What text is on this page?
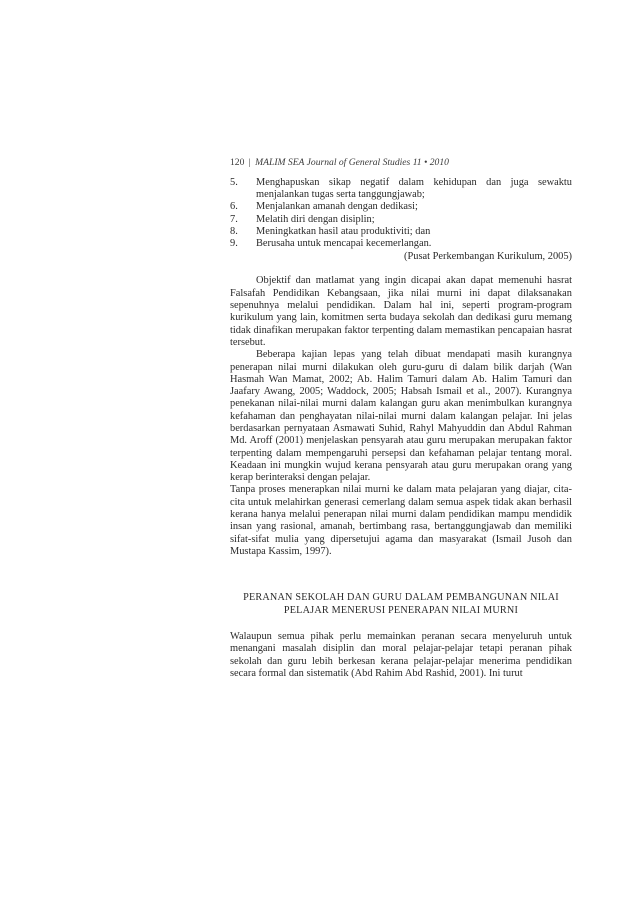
120 | MALIM SEA Journal of General Studies 11 • 2010
5.	Menghapuskan sikap negatif dalam kehidupan dan juga sewaktu menjalankan tugas serta tanggungjawab;
6.	Menjalankan amanah dengan dedikasi;
7.	Melatih diri dengan disiplin;
8.	Meningkatkan hasil atau produktiviti; dan
9.	Berusaha untuk mencapai kecemerlangan.
(Pusat Perkembangan Kurikulum, 2005)

Objektif dan matlamat yang ingin dicapai akan dapat memenuhi hasrat Falsafah Pendidikan Kebangsaan, jika nilai murni ini dapat dilaksanakan sepenuhnya melalui pendidikan. Dalam hal ini, seperti program-program kurikulum yang lain, komitmen serta budaya sekolah dan dedikasi guru memang tidak dinafikan merupakan faktor terpenting dalam memastikan pencapaian hasrat tersebut.

Beberapa kajian lepas yang telah dibuat mendapati masih kurangnya penerapan nilai murni dilakukan oleh guru-guru di dalam bilik darjah (Wan Hasmah Wan Mamat, 2002; Ab. Halim Tamuri dalam Ab. Halim Tamuri dan Jaafary Awang, 2005; Waddock, 2005; Habsah Ismail et al., 2007). Kurangnya penekanan nilai-nilai murni dalam kalangan guru akan menimbulkan kurangnya kefahaman dan penghayatan nilai-nilai murni dalam kalangan pelajar. Ini jelas berdasarkan pernyataan Asmawati Suhid, Rahyl Mahyuddin dan Abdul Rahman Md. Aroff (2001) menjelaskan pensyarah atau guru merupakan merupakan faktor terpenting dalam mempengaruhi persepsi dan kefahaman pelajar tentang moral. Keadaan ini mungkin wujud kerana pensyarah atau guru merupakan orang yang kerap berinteraksi dengan pelajar.

Tanpa proses menerapkan nilai murni ke dalam mata pelajaran yang diajar, cita-cita untuk melahirkan generasi cemerlang dalam semua aspek tidak akan berhasil kerana hanya melalui penerapan nilai murni dalam pendidikan mampu mendidik insan yang rasional, amanah, bertimbang rasa, bertanggungjawab dan memiliki sifat-sifat mulia yang dipersetujui agama dan masyarakat (Ismail Jusoh dan Mustapa Kassim, 1997).

PERANAN SEKOLAH DAN GURU DALAM PEMBANGUNAN NILAI

PELAJAR MENERUSI PENERAPAN NILAI MURNI

Walaupun semua pihak perlu memainkan peranan secara menyeluruh untuk menangani masalah disiplin dan moral pelajar-pelajar tetapi peranan pihak sekolah dan guru lebih berkesan kerana pelajar-pelajar menerima pendidikan secara formal dan sistematik (Abd Rahim Abd Rashid, 2001). Ini turut
